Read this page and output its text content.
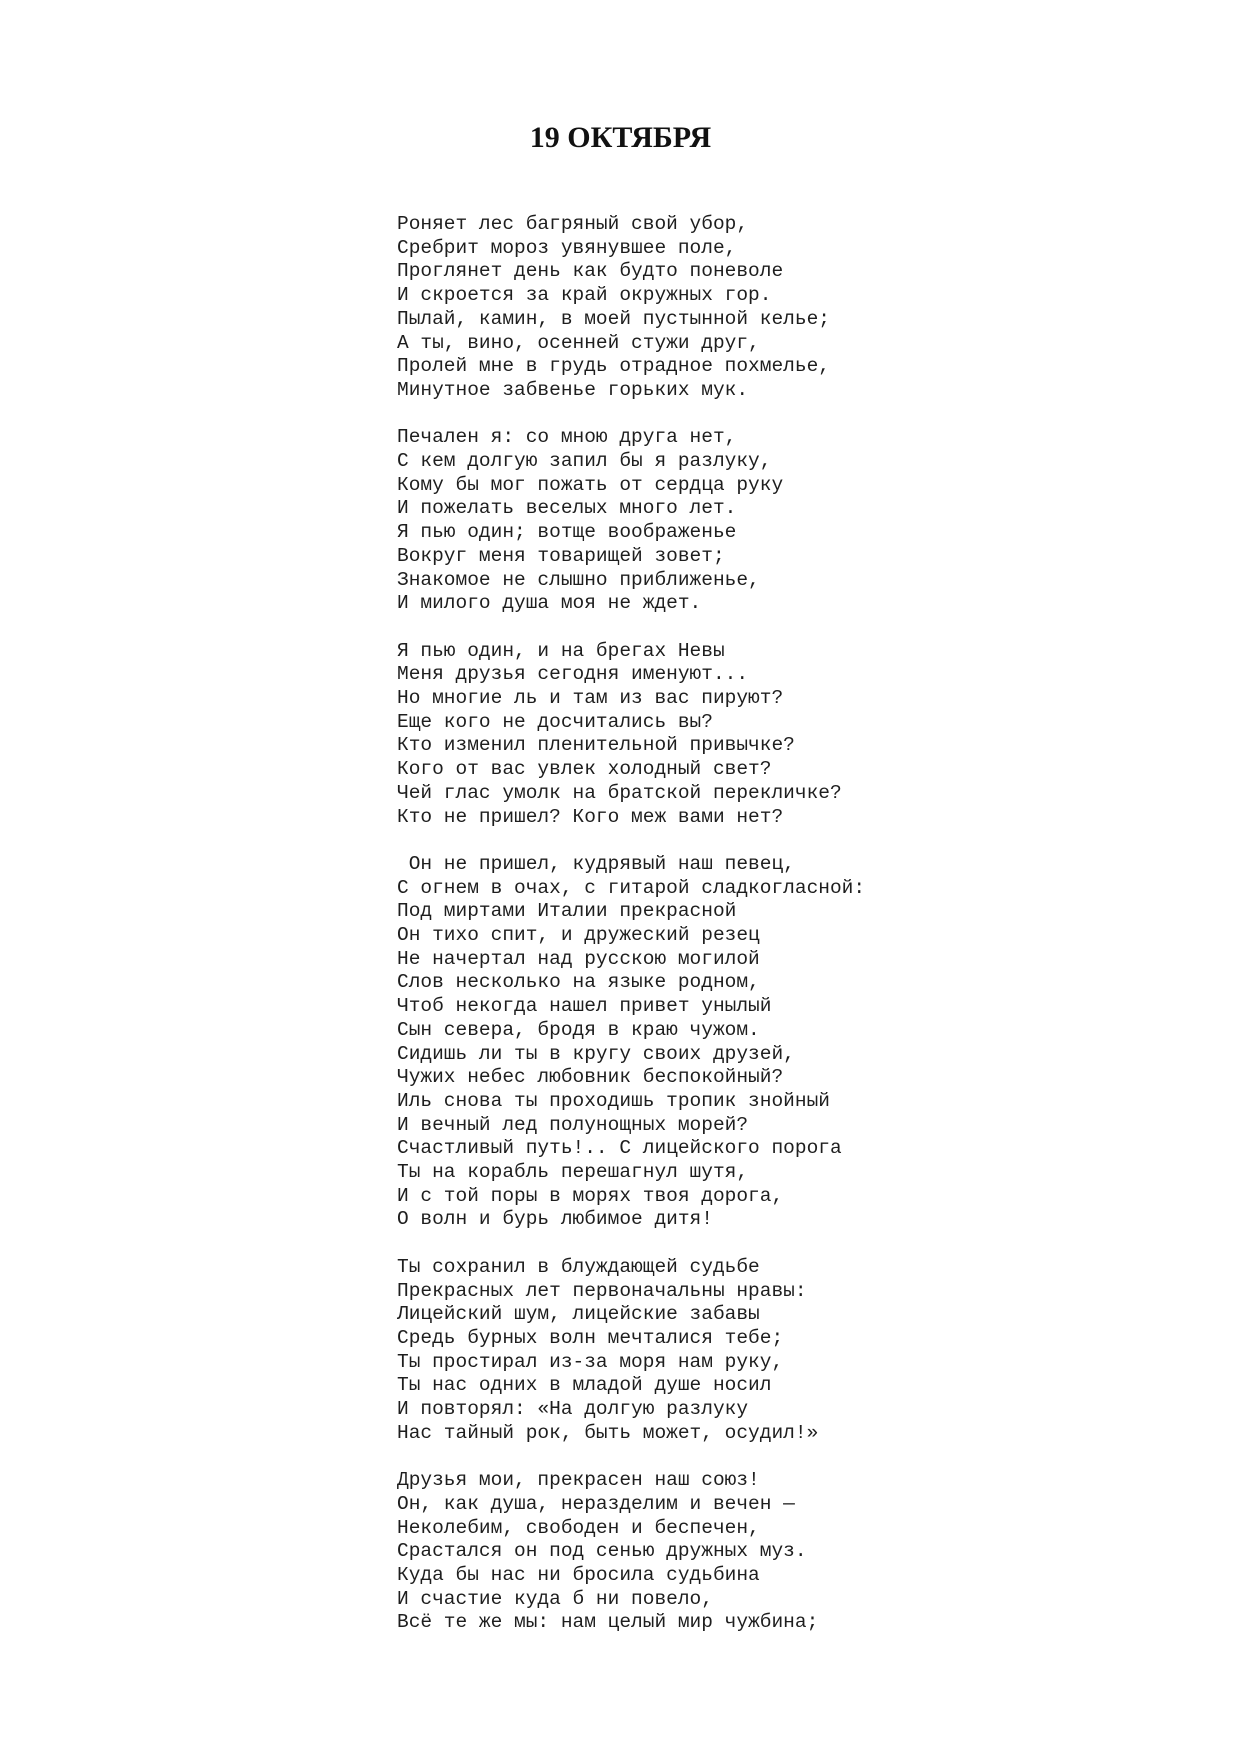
19 ОКТЯБРЯ
Роняет лес багряный свой убор,
Сребрит мороз увянувшее поле,
Проглянет день как будто поневоле
И скроется за край окружных гор.
Пылай, камин, в моей пустынной келье;
А ты, вино, осенней стужи друг,
Пролей мне в грудь отрадное похмелье,
Минутное забвенье горьких мук.
Печален я: со мною друга нет,
С кем долгую запил бы я разлуку,
Кому бы мог пожать от сердца руку
И пожелать веселых много лет.
Я пью один; вотще воображенье
Вокруг меня товарищей зовет;
Знакомое не слышно приближенье,
И милого душа моя не ждет.
Я пью один, и на брегах Невы
Меня друзья сегодня именуют...
Но многие ль и там из вас пируют?
Еще кого не досчитались вы?
Кто изменил пленительной привычке?
Кого от вас увлек холодный свет?
Чей глас умолк на братской перекличке?
Кто не пришел? Кого меж вами нет?
Он не пришел, кудрявый наш певец,
С огнем в очах, с гитарой сладкогласной:
Под миртами Италии прекрасной
Он тихо спит, и дружеский резец
Не начертал над русскою могилой
Слов несколько на языке родном,
Чтоб некогда нашел привет унылый
Сын севера, бродя в краю чужом.
Сидишь ли ты в кругу своих друзей,
Чужих небес любовник беспокойный?
Иль снова ты проходишь тропик знойный
И вечный лед полунощных морей?
Счастливый путь!.. С лицейского порога
Ты на корабль перешагнул шутя,
И с той поры в морях твоя дорога,
О волн и бурь любимое дитя!
Ты сохранил в блуждающей судьбе
Прекрасных лет первоначальны нравы:
Лицейский шум, лицейские забавы
Средь бурных волн мечталися тебе;
Ты простирал из-за моря нам руку,
Ты нас одних в младой душе носил
И повторял: «На долгую разлуку
Нас тайный рок, быть может, осудил!»
Друзья мои, прекрасен наш союз!
Он, как душа, неразделим и вечен —
Неколебим, свободен и беспечен,
Срастался он под сенью дружных муз.
Куда бы нас ни бросила судьбина
И счастие куда б ни повело,
Всё те же мы: нам целый мир чужбина;
